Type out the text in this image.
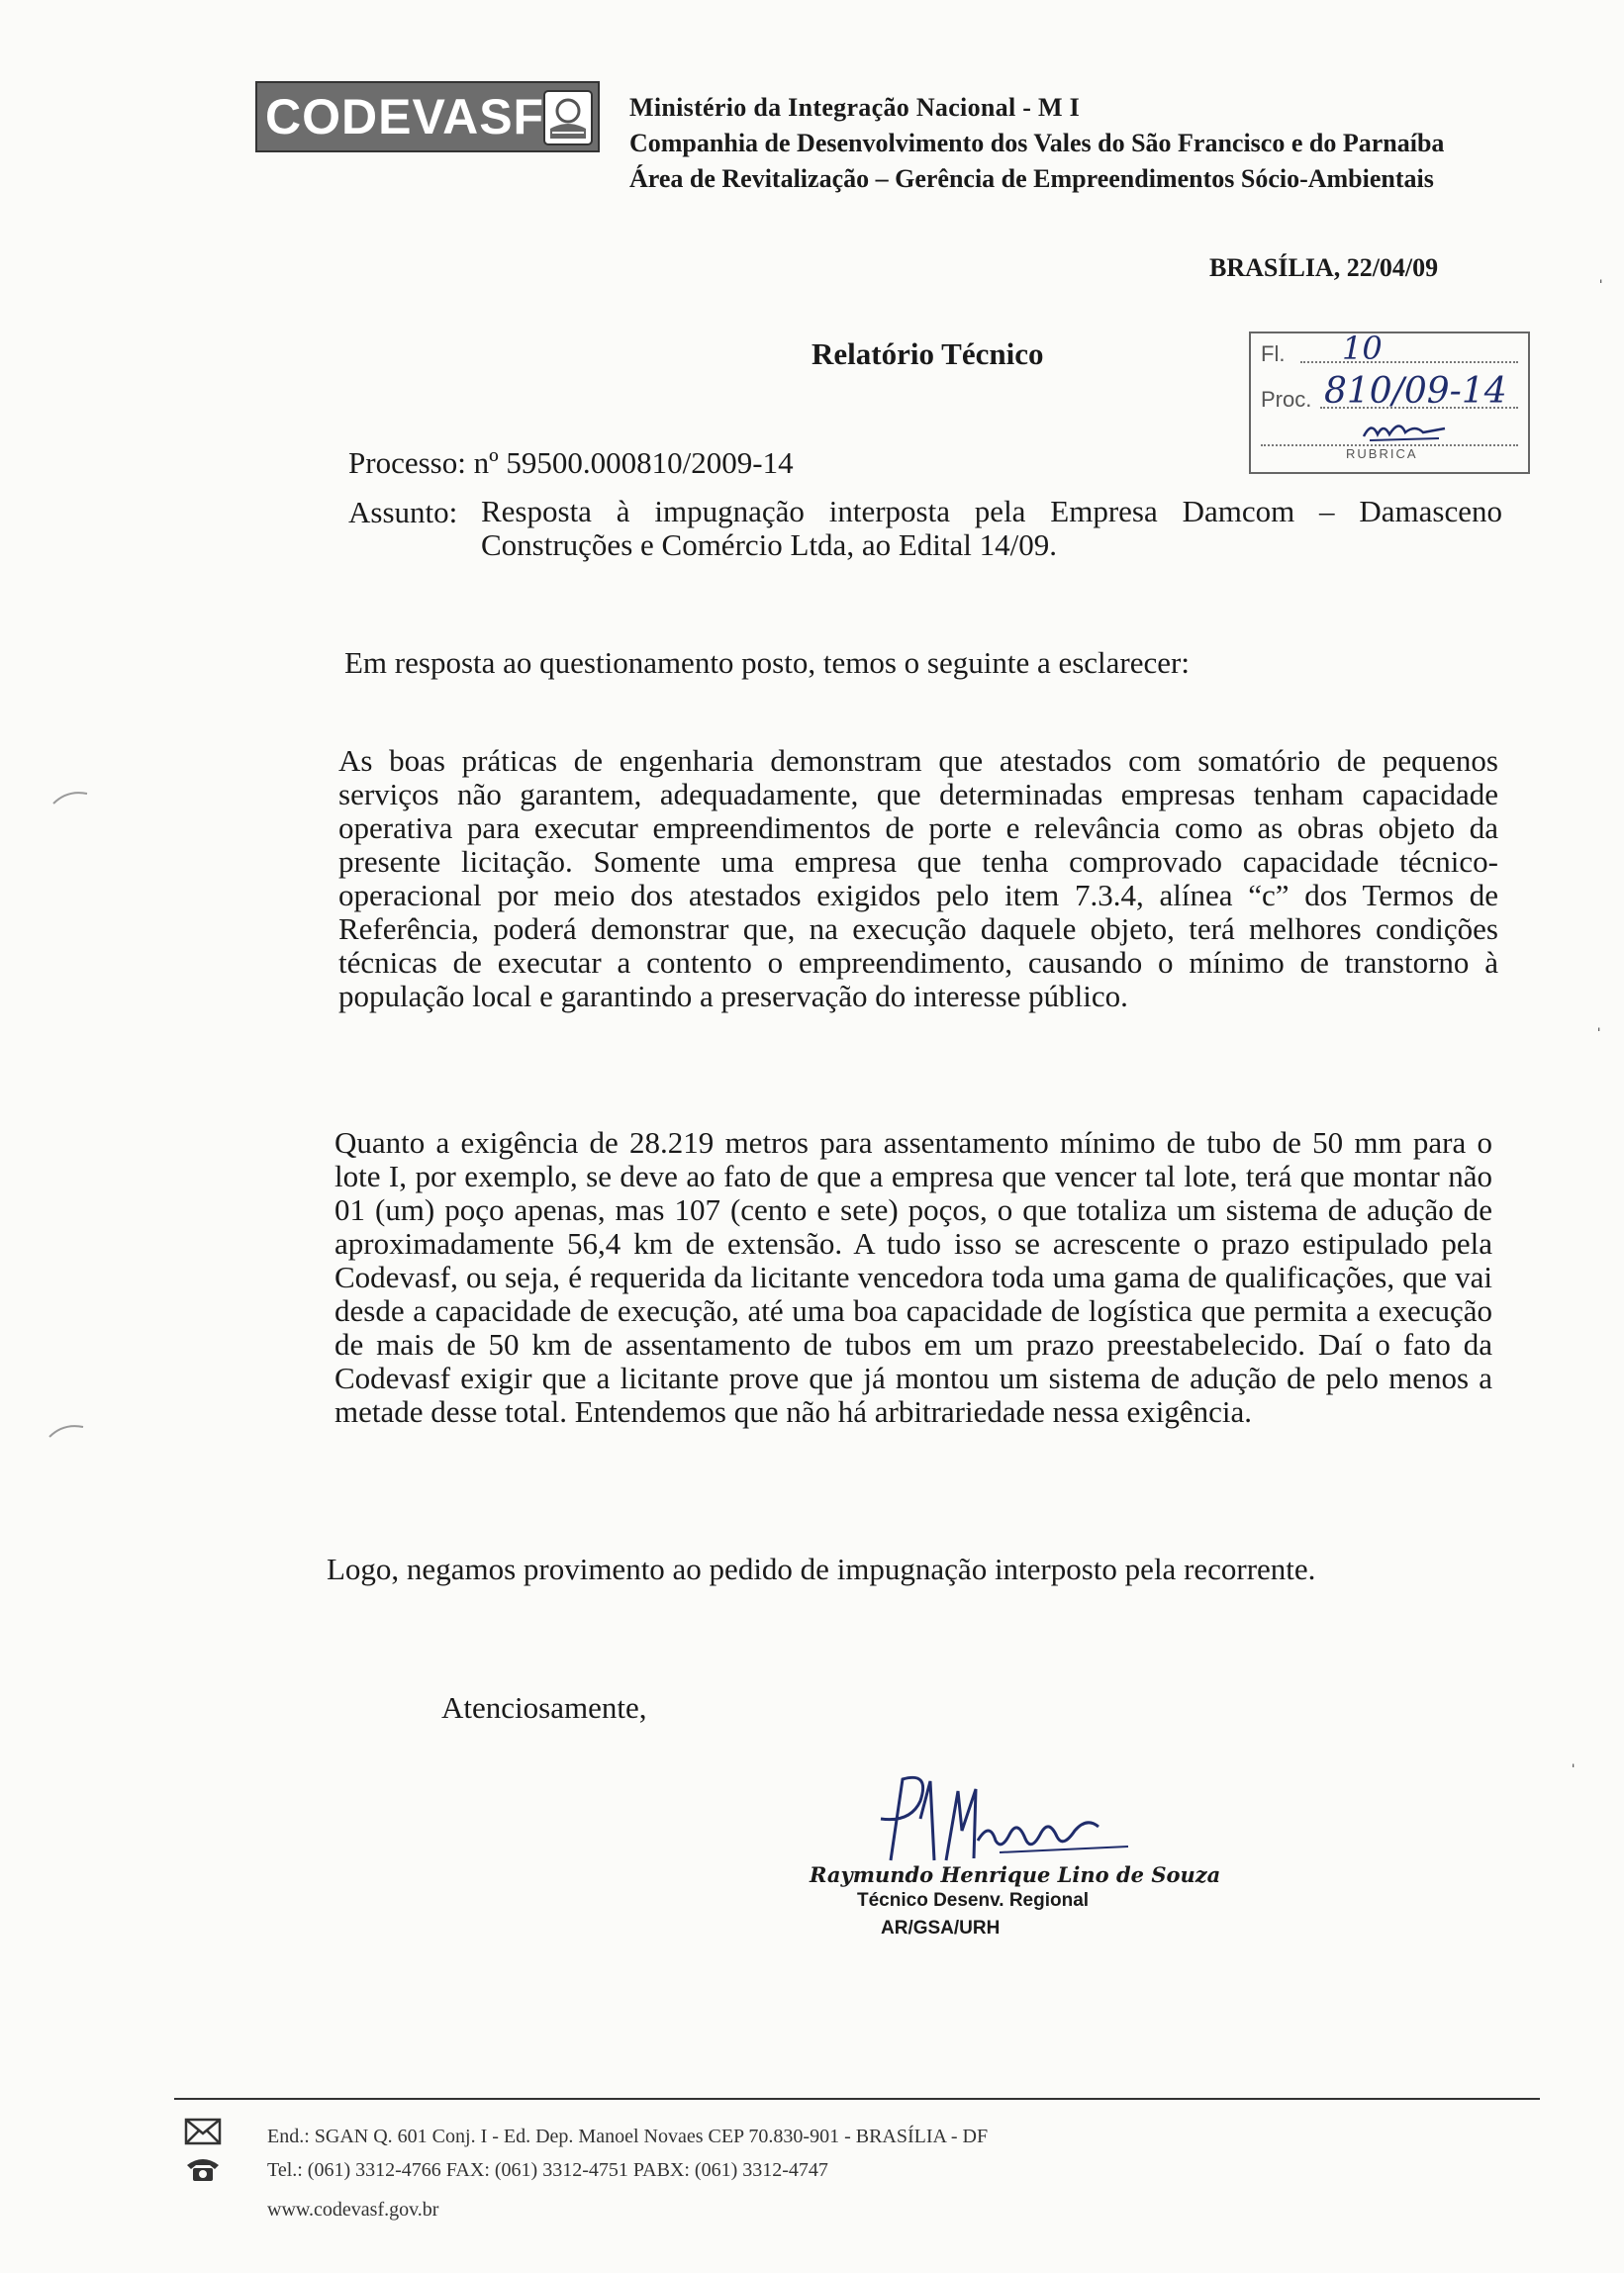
CODEVASF	Ministério da Integração Nacional - M I
Companhia de Desenvolvimento dos Vales do São Francisco e do Parnaíba
Área de Revitalização – Gerência de Empreendimentos Sócio-Ambientais
BRASÍLIA, 22/04/09
Relatório Técnico	Fl. 10
Proc. 810/09-14
RUBRICA
Processo: nº 59500.000810/2009-14
Assunto: Resposta à impugnação interposta pela Empresa Damcom – Damasceno Construções e Comércio Ltda, ao Edital 14/09.
Em resposta ao questionamento posto, temos o seguinte a esclarecer:
As boas práticas de engenharia demonstram que atestados com somatório de pequenos serviços não garantem, adequadamente, que determinadas empresas tenham capacidade operativa para executar empreendimentos de porte e relevância como as obras objeto da presente licitação. Somente uma empresa que tenha comprovado capacidade técnico-operacional por meio dos atestados exigidos pelo item 7.3.4, alínea “c” dos Termos de Referência, poderá demonstrar que, na execução daquele objeto, terá melhores condições técnicas de executar a contento o empreendimento, causando o mínimo de transtorno à população local e garantindo a preservação do interesse público.
Quanto a exigência de 28.219 metros para assentamento mínimo de tubo de 50 mm para o lote I, por exemplo, se deve ao fato de que a empresa que vencer tal lote, terá que montar não 01 (um) poço apenas, mas 107 (cento e sete) poços, o que totaliza um sistema de adução de aproximadamente 56,4 km de extensão. A tudo isso se acrescente o prazo estipulado pela Codevasf, ou seja, é requerida da licitante vencedora toda uma gama de qualificações, que vai desde a capacidade de execução, até uma boa capacidade de logística que permita a execução de mais de 50 km de assentamento de tubos em um prazo preestabelecido. Daí o fato da Codevasf exigir que a licitante prove que já montou um sistema de adução de pelo menos a metade desse total. Entendemos que não há arbitrariedade nessa exigência.
Logo, negamos provimento ao pedido de impugnação interposto pela recorrente.
Atenciosamente,
Raymundo Henrique Lino de Souza
Técnico Desenv. Regional
AR/GSA/URH
ˈ
ˈ
ˈ
End.: SGAN Q. 601 Conj. I - Ed. Dep. Manoel Novaes CEP 70.830-901 - BRASÍLIA - DF
Tel.: (061) 3312-4766 FAX: (061) 3312-4751 PABX: (061) 3312-4747
www.codevasf.gov.br
